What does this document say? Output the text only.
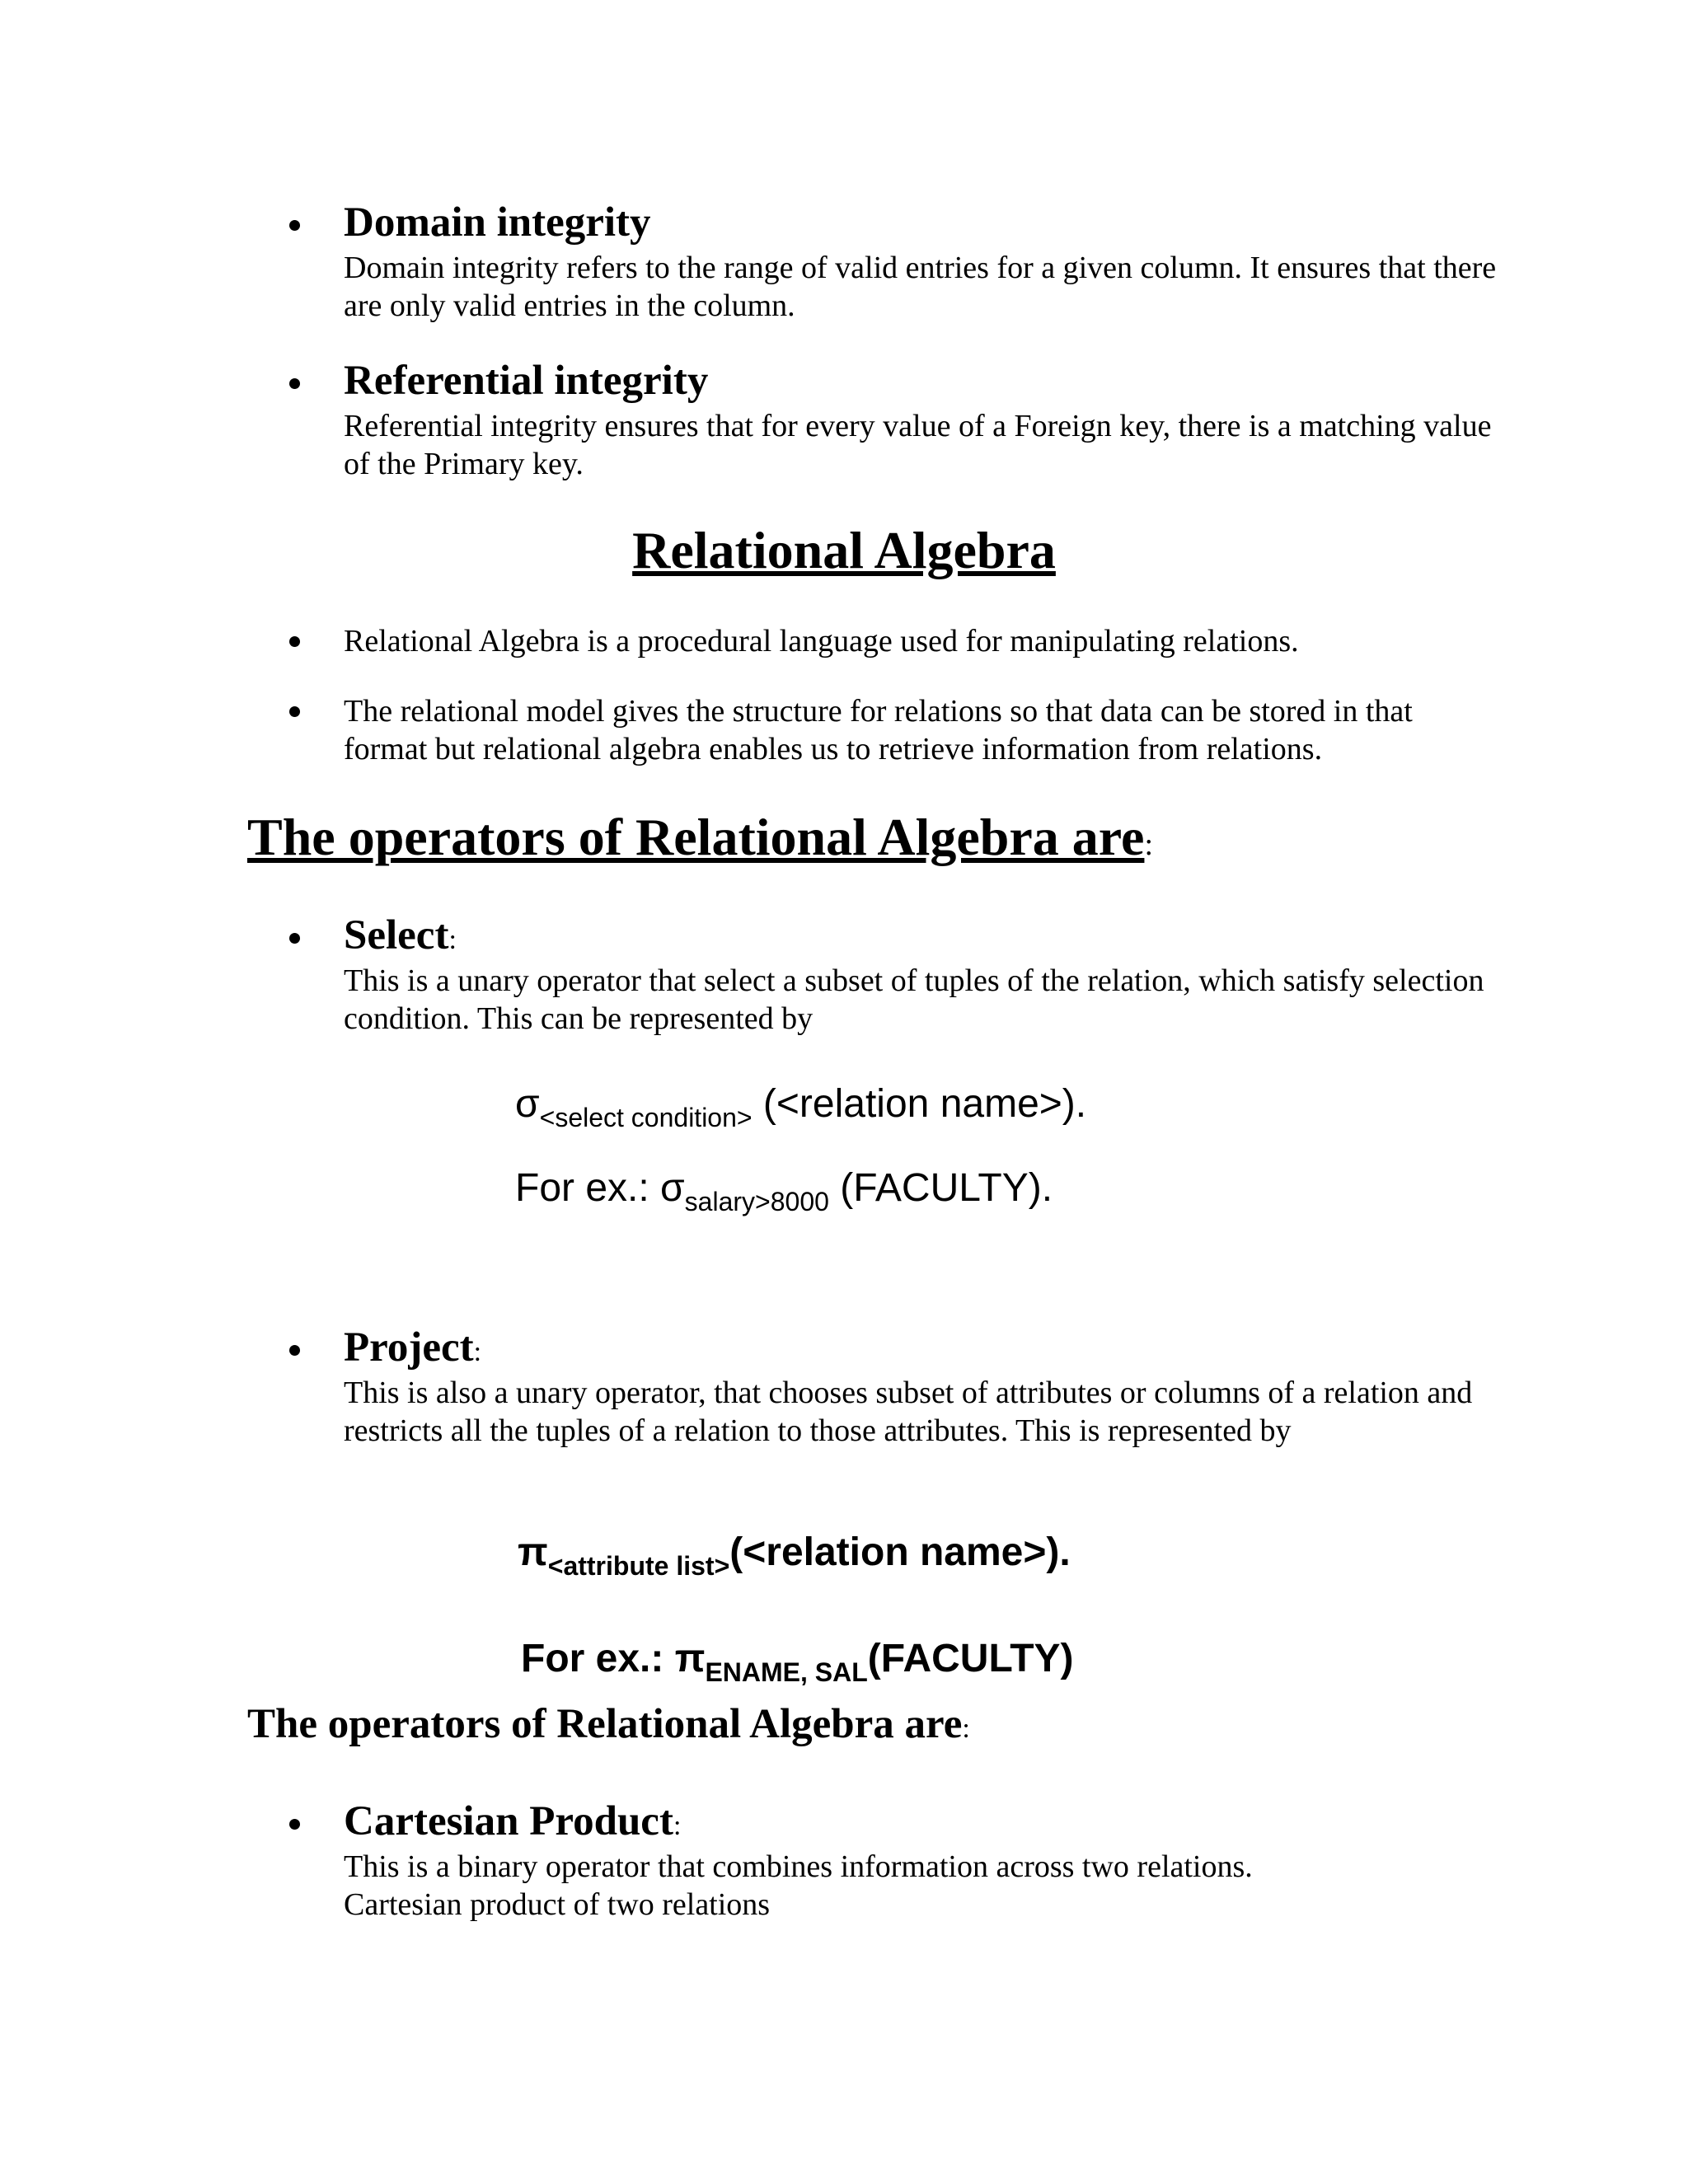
Domain integrity
Domain integrity refers to the range of valid entries for a given column. It ensures that there are only valid entries in the column.
Referential integrity
Referential integrity ensures that for every value of a Foreign key, there is a matching value of the Primary key.
Relational Algebra
Relational Algebra is a procedural language used for manipulating relations.
The relational model gives the structure for relations so that data can be stored in that format but relational algebra enables us to retrieve information from relations.
The operators of Relational Algebra are:
Select:
This is a unary operator that select a subset of tuples of the relation, which satisfy selection condition. This can be represented by
$\sigma_{<select condition>}$ (<relation name>).
For ex.: $\sigma_{salary>8000}$ (FACULTY).
Project:
This is also a unary operator, that chooses subset of attributes or columns of a relation and restricts all the tuples of a relation to those attributes. This is represented by
$\pi_{<attribute list>}(<relation$ name>).
For ex.: $\pi_{ENAME, SAL}(FACULTY)$
The operators of Relational Algebra are:
Cartesian Product:
This is a binary operator that combines information across two relations. Cartesian product of two relations
